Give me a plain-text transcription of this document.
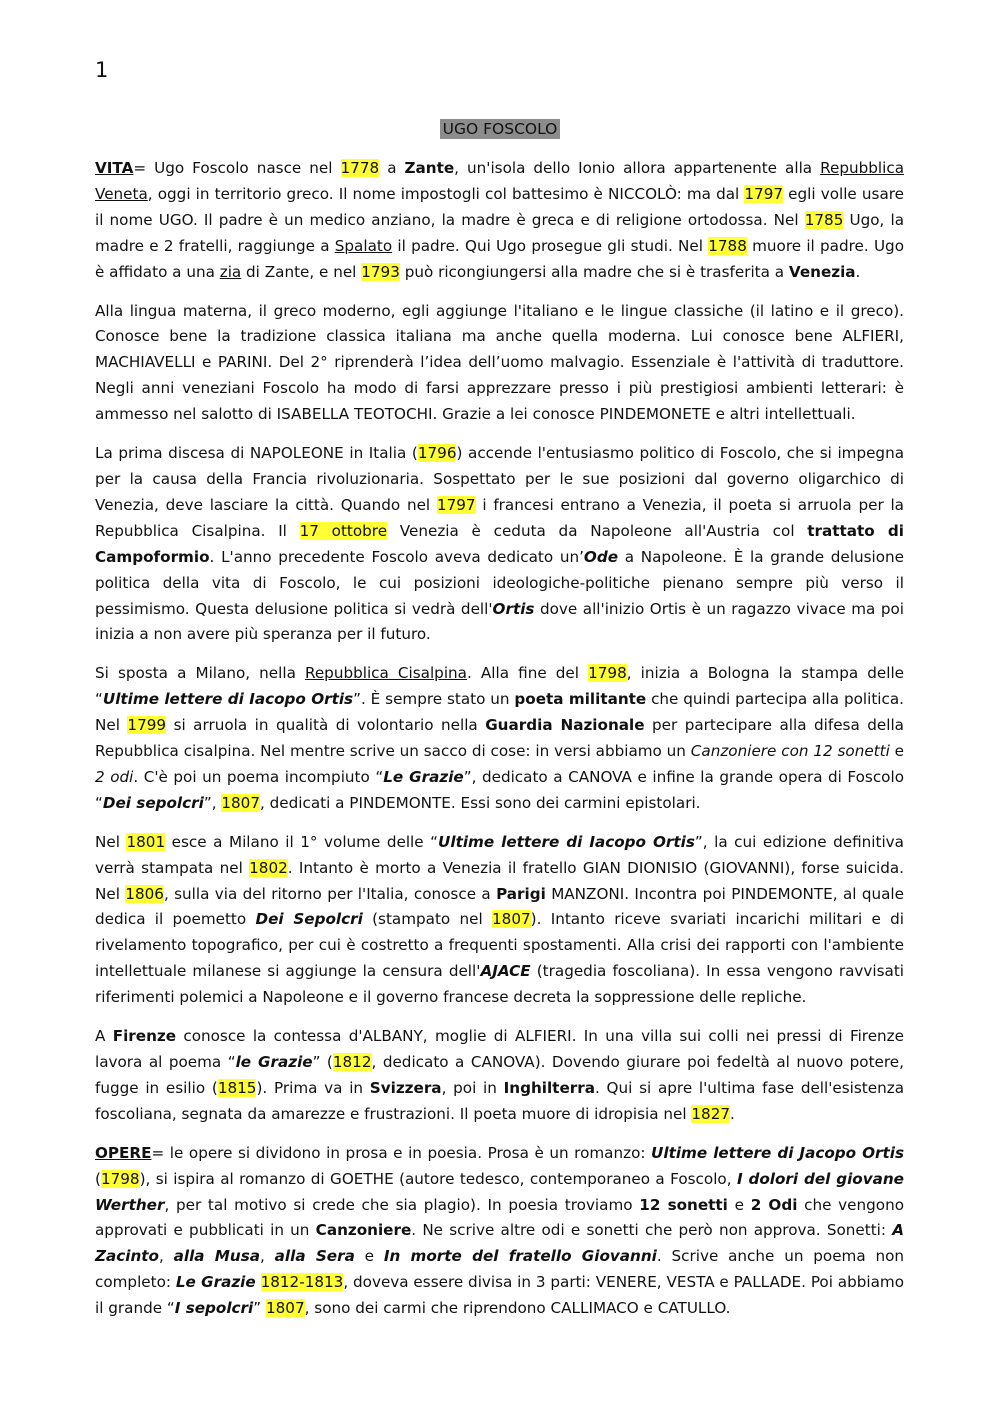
1
UGO FOSCOLO

VITA= Ugo Foscolo nasce nel 1778 a Zante, un'isola dello Ionio allora appartenente alla Repubblica Veneta, oggi in territorio greco. Il nome impostogli col battesimo è NICCOLÒ: ma dal 1797 egli volle usare il nome UGO. Il padre è un medico anziano, la madre è greca e di religione ortodossa. Nel 1785 Ugo, la madre e 2 fratelli, raggiunge a Spalato il padre. Qui Ugo prosegue gli studi. Nel 1788 muore il padre. Ugo è affidato a una zia di Zante, e nel 1793 può ricongiungersi alla madre che si è trasferita a Venezia.

Alla lingua materna, il greco moderno, egli aggiunge l'italiano e le lingue classiche (il latino e il greco). Conosce bene la tradizione classica italiana ma anche quella moderna. Lui conosce bene ALFIERI, MACHIAVELLI e PARINI. Del 2° riprenderà l’idea dell’uomo malvagio. Essenziale è l'attività di traduttore. Negli anni veneziani Foscolo ha modo di farsi apprezzare presso i più prestigiosi ambienti letterari: è ammesso nel salotto di ISABELLA TEOTOCHI. Grazie a lei conosce PINDEMONETE e altri intellettuali.

La prima discesa di NAPOLEONE in Italia (1796) accende l'entusiasmo politico di Foscolo, che si impegna per la causa della Francia rivoluzionaria. Sospettato per le sue posizioni dal governo oligarchico di Venezia, deve lasciare la città. Quando nel 1797 i francesi entrano a Venezia, il poeta si arruola per la Repubblica Cisalpina. Il 17 ottobre Venezia è ceduta da Napoleone all'Austria col trattato di Campoformio. L'anno precedente Foscolo aveva dedicato un’Ode a Napoleone. È la grande delusione politica della vita di Foscolo, le cui posizioni ideologiche-politiche pienano sempre più verso il pessimismo. Questa delusione politica si vedrà dell'Ortis dove all'inizio Ortis è un ragazzo vivace ma poi inizia a non avere più speranza per il futuro.

Si sposta a Milano, nella Repubblica Cisalpina. Alla fine del 1798, inizia a Bologna la stampa delle “Ultime lettere di Iacopo Ortis”. È sempre stato un poeta militante che quindi partecipa alla politica. Nel 1799 si arruola in qualità di volontario nella Guardia Nazionale per partecipare alla difesa della Repubblica cisalpina. Nel mentre scrive un sacco di cose: in versi abbiamo un Canzoniere con 12 sonetti e 2 odi. C'è poi un poema incompiuto “Le Grazie”, dedicato a CANOVA e infine la grande opera di Foscolo “Dei sepolcri”, 1807, dedicati a PINDEMONTE. Essi sono dei carmini epistolari.

Nel 1801 esce a Milano il 1° volume delle “Ultime lettere di Iacopo Ortis”, la cui edizione definitiva verrà stampata nel 1802. Intanto è morto a Venezia il fratello GIAN DIONISIO (GIOVANNI), forse suicida. Nel 1806, sulla via del ritorno per l'Italia, conosce a Parigi MANZONI. Incontra poi PINDEMONTE, al quale dedica il poemetto Dei Sepolcri (stampato nel 1807). Intanto riceve svariati incarichi militari e di rivelamento topografico, per cui è costretto a frequenti spostamenti. Alla crisi dei rapporti con l'ambiente intellettuale milanese si aggiunge la censura dell'AJACE (tragedia foscoliana). In essa vengono ravvisati riferimenti polemici a Napoleone e il governo francese decreta la soppressione delle repliche.

A Firenze conosce la contessa d'ALBANY, moglie di ALFIERI. In una villa sui colli nei pressi di Firenze lavora al poema “le Grazie” (1812, dedicato a CANOVA). Dovendo giurare poi fedeltà al nuovo potere, fugge in esilio (1815). Prima va in Svizzera, poi in Inghilterra. Qui si apre l'ultima fase dell'esistenza foscoliana, segnata da amarezze e frustrazioni. Il poeta muore di idropisia nel 1827.

OPERE= le opere si dividono in prosa e in poesia. Prosa è un romanzo: Ultime lettere di Jacopo Ortis (1798), si ispira al romanzo di GOETHE (autore tedesco, contemporaneo a Foscolo, I dolori del giovane Werther, per tal motivo si crede che sia plagio). In poesia troviamo 12 sonetti e 2 Odi che vengono approvati e pubblicati in un Canzoniere. Ne scrive altre odi e sonetti che però non approva. Sonetti: A Zacinto, alla Musa, alla Sera e In morte del fratello Giovanni. Scrive anche un poema non completo: Le Grazie 1812-1813, doveva essere divisa in 3 parti: VENERE, VESTA e PALLADE. Poi abbiamo il grande “I sepolcri” 1807, sono dei carmi che riprendono CALLIMACO e CATULLO.
